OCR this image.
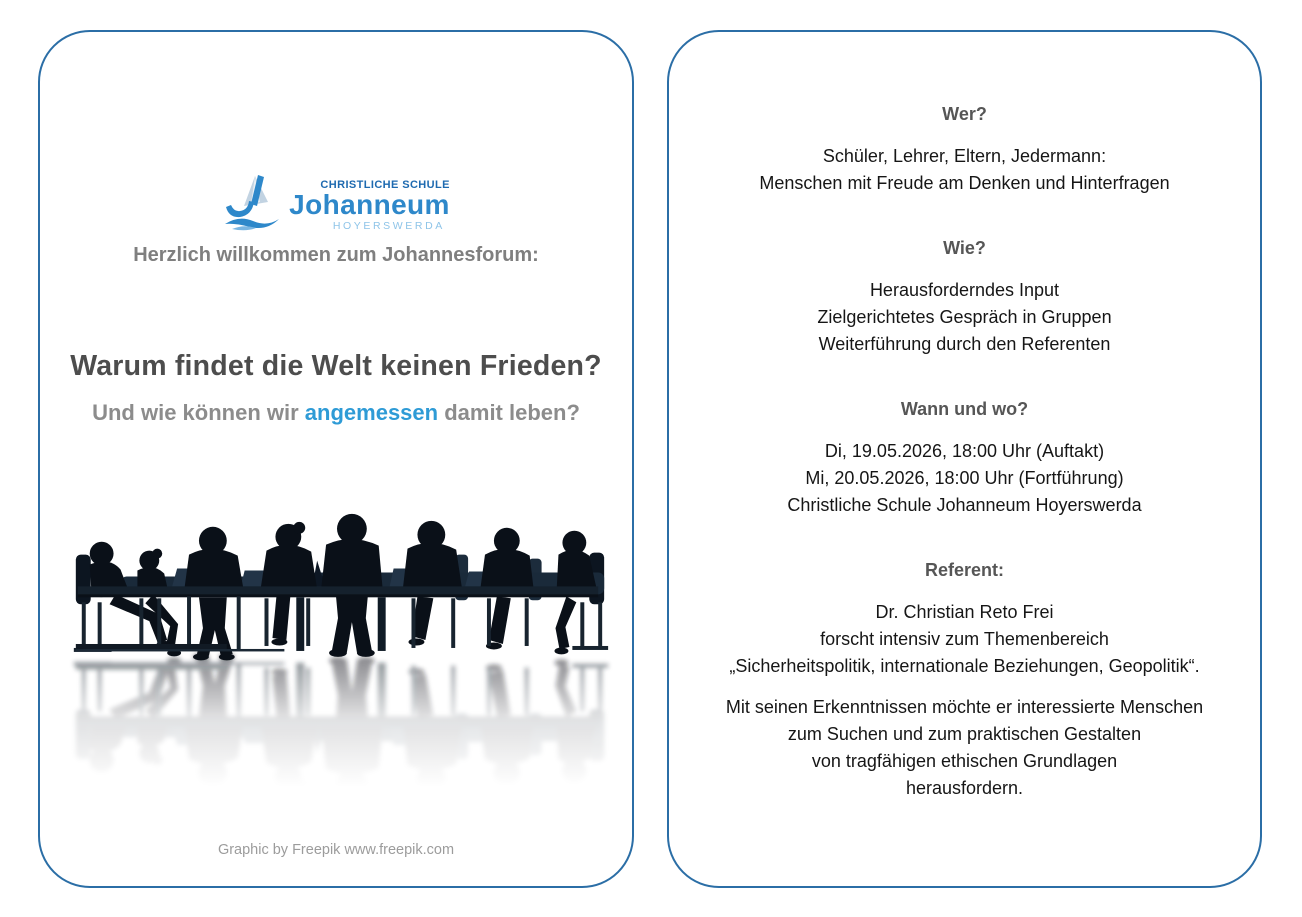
CHRISTLICHE SCHULE
Johanneum
HOYERSWERDA
Herzlich willkommen zum Johannesforum:
Warum findet die Welt keinen Frieden?
Und wie können wir angemessen damit leben?
Graphic by Freepik www.freepik.com
Wer?

Schüler, Lehrer, Eltern, Jedermann:
Menschen mit Freude am Denken und Hinterfragen

Wie?

Herausforderndes Input
Zielgerichtetes Gespräch in Gruppen
Weiterführung durch den Referenten

Wann und wo?

Di, 19.05.2026, 18:00 Uhr (Auftakt)
Mi, 20.05.2026, 18:00 Uhr (Fortführung)
Christliche Schule Johanneum Hoyerswerda

Referent:

Dr. Christian Reto Frei
forscht intensiv zum Themenbereich
„Sicherheitspolitik, internationale Beziehungen, Geopolitik“.

Mit seinen Erkenntnissen möchte er interessierte Menschen
zum Suchen und zum praktischen Gestalten
von tragfähigen ethischen Grundlagen
herausfordern.
